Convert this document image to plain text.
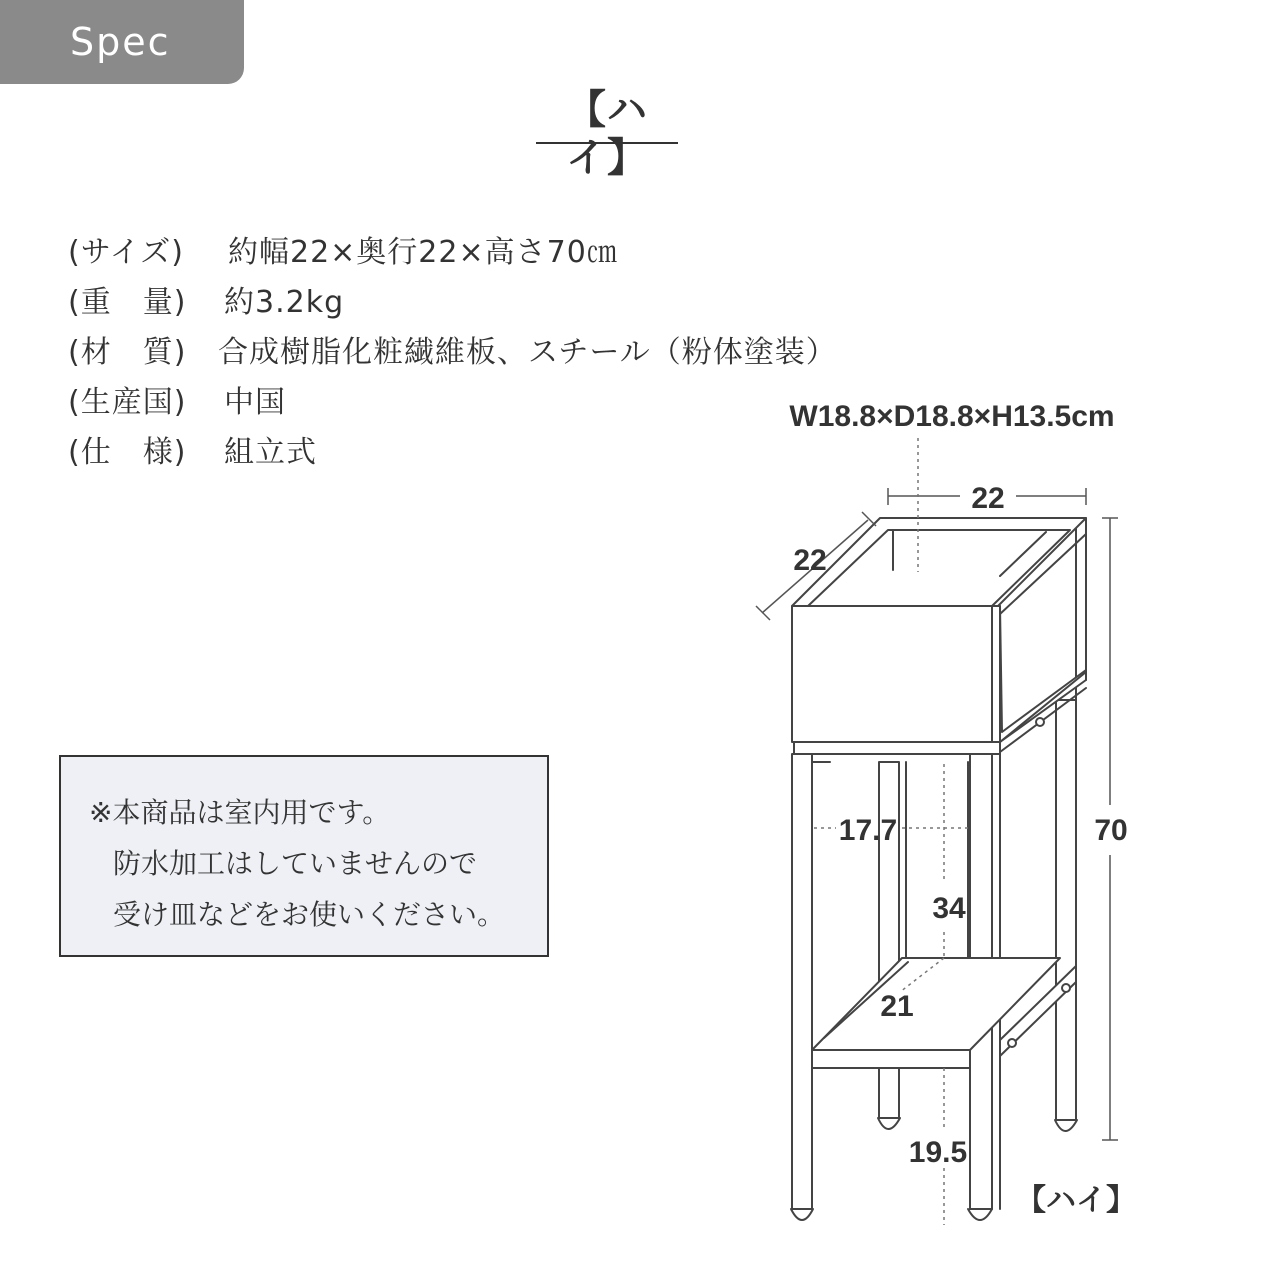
Spec
【ハイ】
(サイズ)	約幅22×奥行22×高さ70㎝
(重　量)	約3.2kg
(材　質)	合成樹脂化粧繊維板、スチール（粉体塗装）
(生産国)	中国
(仕　様)	組立式
※本商品は室内用です。
防水加工はしていませんので
受け皿などをお使いください。
W18.8×D18.8×H13.5cm
22
22
70
17.7
34
21
19.5
【ハイ】
